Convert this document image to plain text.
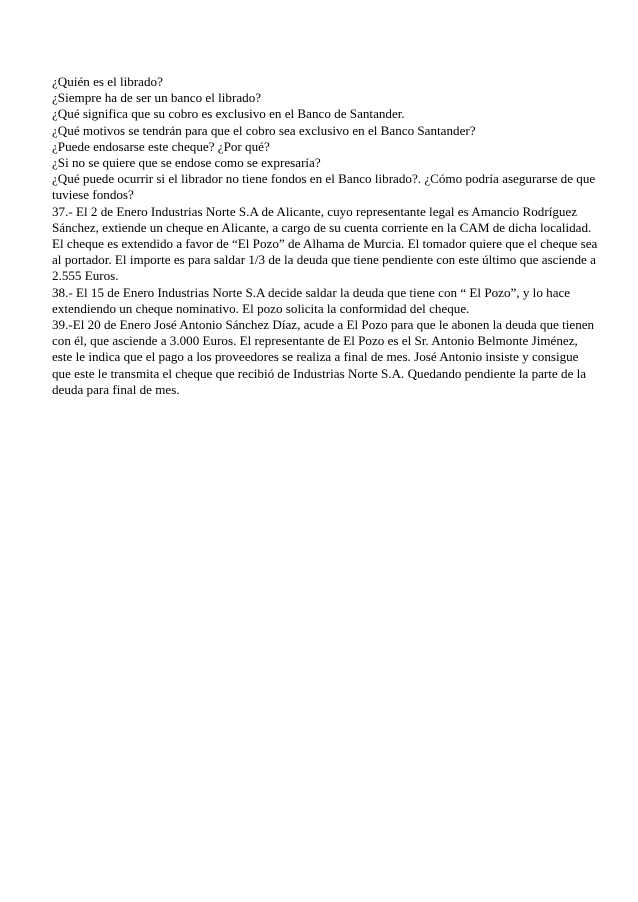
¿Quién es el librado?

¿Siempre ha de ser un banco el librado?

¿Qué significa que su cobro es exclusivo en el Banco de Santander.

¿Qué motivos se tendrán para que el cobro sea exclusivo en el Banco Santander?

¿Puede endosarse este cheque? ¿Por qué?

¿Si no se quiere que se endose como se expresaría?

¿Qué puede ocurrir si el librador no tiene fondos en el Banco librado?. ¿Cómo podría asegurarse de que tuviese fondos?

37.- El 2 de Enero Industrias Norte S.A de Alicante, cuyo representante legal es Amancio Rodríguez Sánchez, extiende un cheque en Alicante, a cargo de su cuenta corriente en la CAM de dicha localidad. El cheque es extendido a favor de “El Pozo” de Alhama de Murcia. El tomador quiere que el cheque sea al portador. El importe es para saldar 1/3 de la deuda que tiene pendiente con este último que asciende a 2.555 Euros.

38.- El 15 de Enero Industrias Norte S.A decide saldar la deuda que tiene con “ El Pozo”, y lo hace extendiendo un cheque nominativo. El pozo solicita la conformidad del cheque.

39.-El 20 de Enero José Antonio Sánchez Díaz, acude a El Pozo para que le abonen la deuda que tienen con él, que asciende a 3.000 Euros. El representante de El Pozo es el Sr. Antonio Belmonte Jiménez, este le indica que el pago a los proveedores se realiza a final de mes. José Antonio insiste y consigue que este le transmita el cheque que recibió de Industrias Norte S.A. Quedando pendiente la parte de la deuda para final de mes.
